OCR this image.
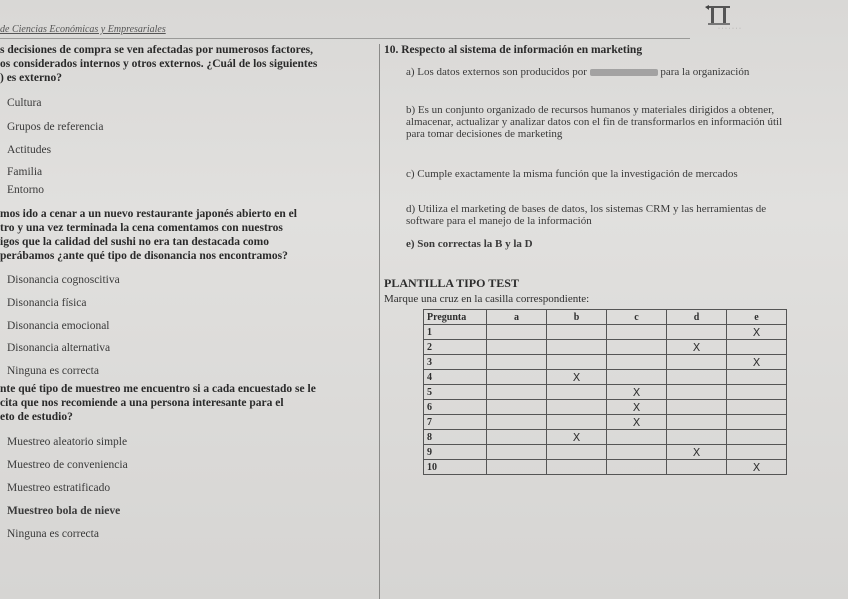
de Ciencias Económicas y Empresariales	· · · · · · ·
s decisiones de compra se ven afectadas por numerosos factores,
os considerados internos y otros externos. ¿Cuál de los siguientes
) es externo?
Cultura
Grupos de referencia
Actitudes
Familia
Entorno
mos ido a cenar a un nuevo restaurante japonés abierto en el
tro y una vez terminada la cena comentamos con nuestros
igos que la calidad del sushi no era tan destacada como
perábamos ¿ante qué tipo de disonancia nos encontramos?
Disonancia cognoscitiva
Disonancia física
Disonancia emocional
Disonancia alternativa
Ninguna es correcta
nte qué tipo de muestreo me encuentro si a cada encuestado se le
cita que nos recomiende a una persona interesante para el
eto de estudio?
Muestreo aleatorio simple
Muestreo de conveniencia
Muestreo estratificado
Muestreo bola de nieve
Ninguna es correcta
10. Respecto al sistema de información en marketing
a) Los datos externos son producidos por	para la organización
b) Es un conjunto organizado de recursos humanos y materiales dirigidos a obtener, almacenar, actualizar y analizar datos con el fin de transformarlos en información útil para tomar decisiones de marketing
c) Cumple exactamente la misma función que la investigación de mercados
d) Utiliza el marketing de bases de datos, los sistemas CRM y las herramientas de software para el manejo de la información
e) Son correctas la B y la D
PLANTILLA TIPO TEST
Marque una cruz en la casilla correspondiente:
Pregunta	a	b	c	d	e
1					X
2				X	
3					X
4		X			
5			X		
6			X		
7			X		
8		X			
9				X	
10					X
